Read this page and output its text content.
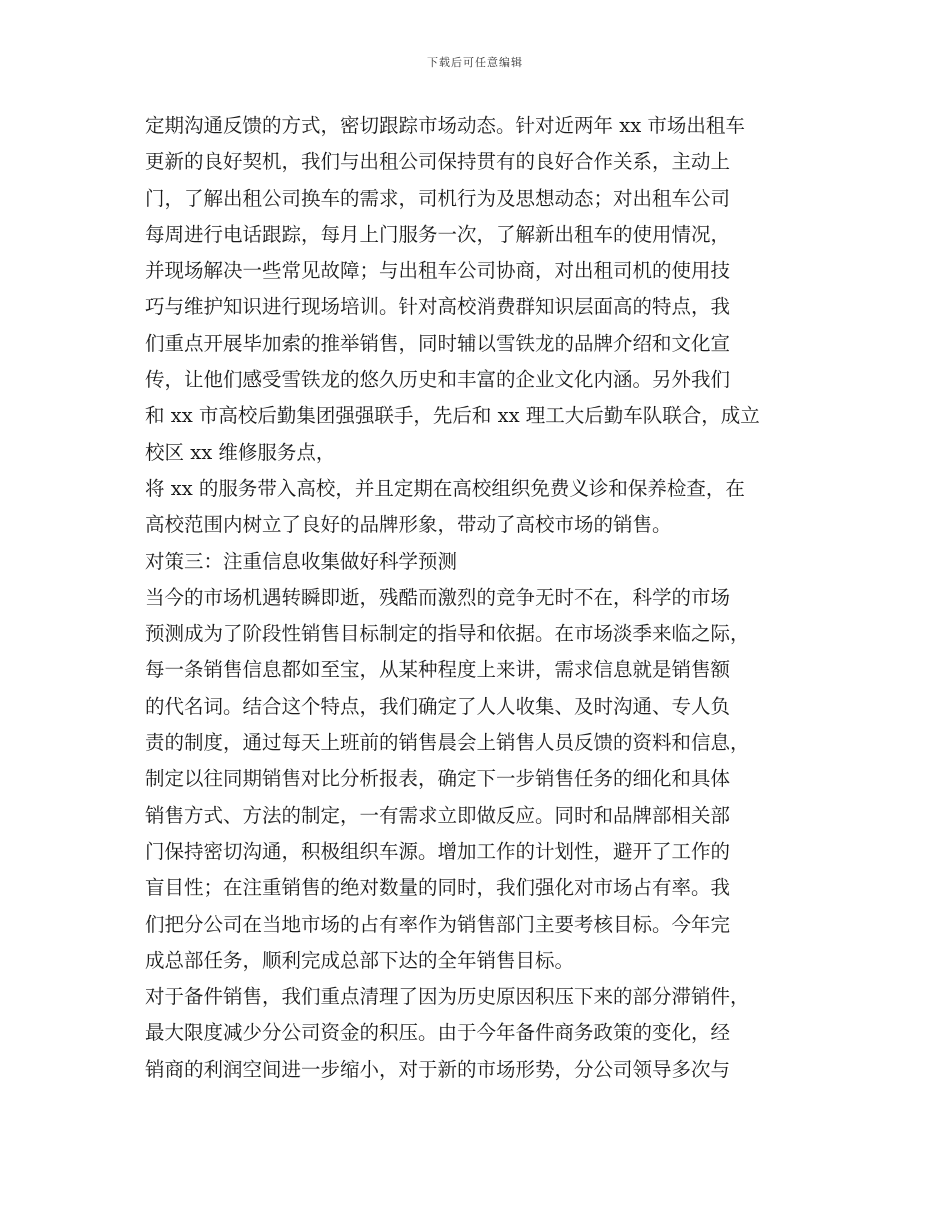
下载后可任意编辑
定期沟通反馈的方式，密切跟踪市场动态。针对近两年 xx 市场出租车
更新的良好契机，我们与出租公司保持贯有的良好合作关系，主动上
门，了解出租公司换车的需求，司机行为及思想动态；对出租车公司
每周进行电话跟踪，每月上门服务一次，了解新出租车的使用情况，
并现场解决一些常见故障；与出租车公司协商，对出租司机的使用技
巧与维护知识进行现场培训。针对高校消费群知识层面高的特点，我
们重点开展毕加索的推举销售，同时辅以雪铁龙的品牌介绍和文化宣
传，让他们感受雪铁龙的悠久历史和丰富的企业文化内涵。另外我们
和 xx 市高校后勤集团强强联手，先后和 xx 理工大后勤车队联合，成立
校区 xx 维修服务点，
将 xx 的服务带入高校，并且定期在高校组织免费义诊和保养检查，在
高校范围内树立了良好的品牌形象，带动了高校市场的销售。
对策三：注重信息收集做好科学预测
当今的市场机遇转瞬即逝，残酷而激烈的竞争无时不在，科学的市场
预测成为了阶段性销售目标制定的指导和依据。在市场淡季来临之际，
每一条销售信息都如至宝，从某种程度上来讲，需求信息就是销售额
的代名词。结合这个特点，我们确定了人人收集、及时沟通、专人负
责的制度，通过每天上班前的销售晨会上销售人员反馈的资料和信息，
制定以往同期销售对比分析报表，确定下一步销售任务的细化和具体
销售方式、方法的制定，一有需求立即做反应。同时和品牌部相关部
门保持密切沟通，积极组织车源。增加工作的计划性，避开了工作的
盲目性；在注重销售的绝对数量的同时，我们强化对市场占有率。我
们把分公司在当地市场的占有率作为销售部门主要考核目标。今年完
成总部任务，顺利完成总部下达的全年销售目标。
对于备件销售，我们重点清理了因为历史原因积压下来的部分滞销件，
最大限度减少分公司资金的积压。由于今年备件商务政策的变化，经
销商的利润空间进一步缩小，对于新的市场形势，分公司领导多次与
